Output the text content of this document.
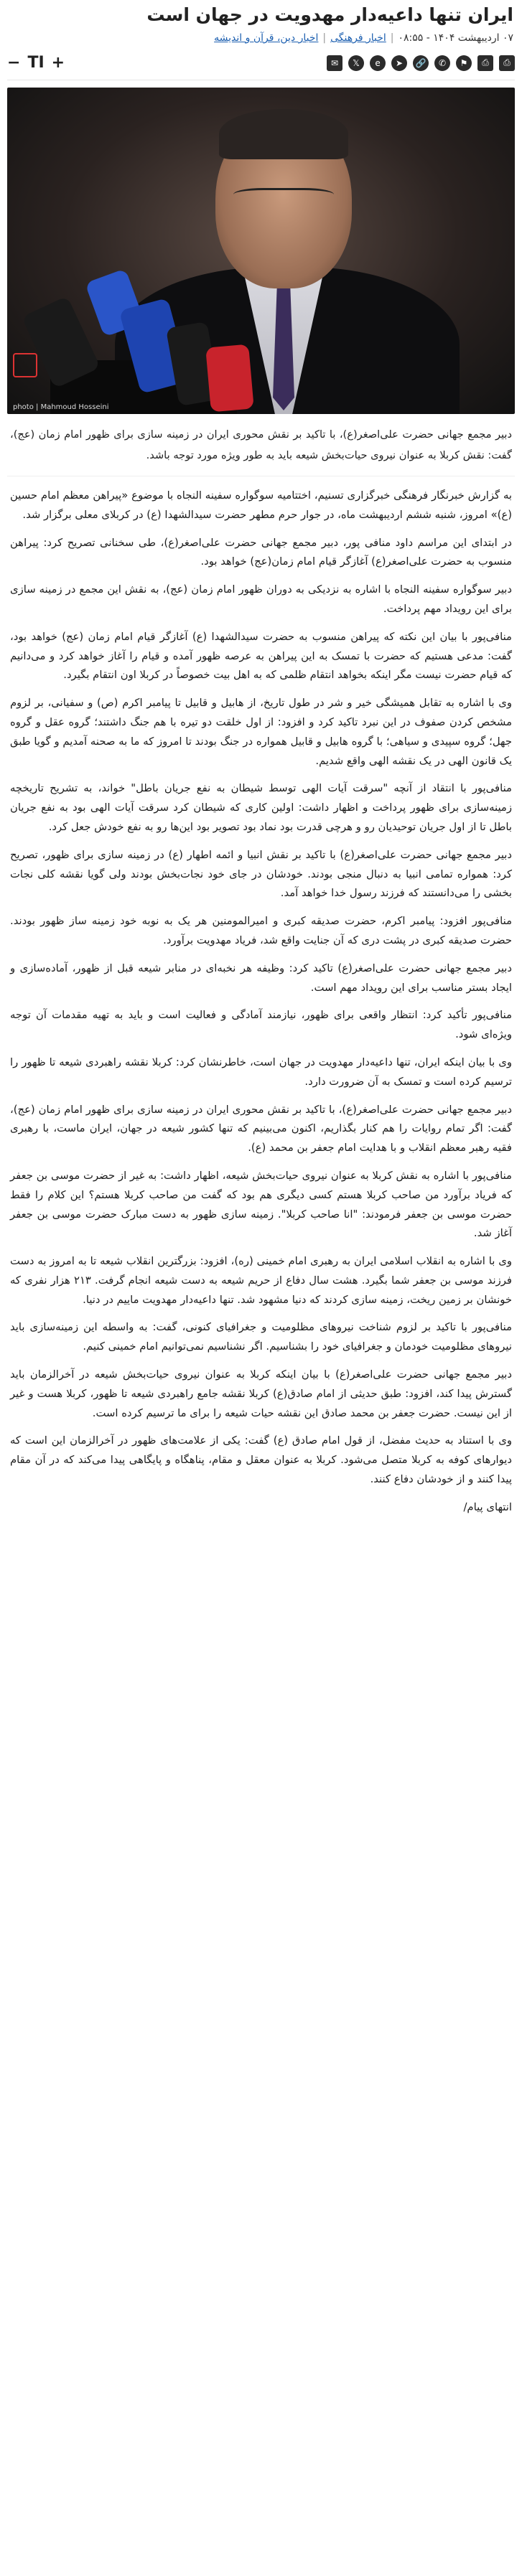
ایران تنها داعیه‌دار مهدویت در جهان است
۰۷ اردیبهشت ۱۴۰۴ - ۰۸:۵۵
|
اخبار فرهنگی
|
اخبار دین، قرآن و اندیشه
⎙
⎙
⚑
✆
🔗
➤
e
𝕏
✉
− TI +
photo | Mahmoud Hosseini
دبیر مجمع جهانی حضرت علی‌اصغر(ع)، با تاکید بر نقش محوری ایران در زمینه سازی برای ظهور امام زمان (عج)، گفت: نقش کربلا به عنوان نیروی حیات‌بخش شیعه باید به طور ویژه مورد توجه باشد.

به گزارش خبرنگار فرهنگی خبرگزاری تسنیم، اختتامیه سوگواره سفینه النجاه با موضوع «پیراهن معظم امام حسین (ع)» امروز، شنبه ششم اردیبهشت ماه، در جوار حرم مطهر حضرت سیدالشهدا (ع) در کربلای معلی برگزار شد.

در ابتدای این مراسم داود منافی پور، دبیر مجمع جهانی حضرت علی‌اصغر(ع)، طی سخنانی تصریح کرد: پیراهن منسوب به حضرت علی‌اصغر(ع) آغازگر قیام امام زمان(عج) خواهد بود.

دبیر سوگواره سفینه النجاه با اشاره به نزدیکی به دوران ظهور امام زمان (عج)، به نقش این مجمع در زمینه سازی برای این رویداد مهم پرداخت.

منافی‌پور با بیان این نکته که پیراهن منسوب به حضرت سیدالشهدا (ع) آغازگر قیام امام زمان (عج) خواهد بود، گفت: مدعی هستیم که حضرت با تمسک به این پیراهن به عرصه ظهور آمده و قیام را آغاز خواهد کرد و می‌دانیم که قیام حضرت نیست مگر اینکه بخواهد انتقام ظلمی که به اهل بیت خصوصاً در کربلا اون انتقام بگیرد.

وی با اشاره به تقابل همیشگی خیر و شر در طول تاریخ، از هابیل و قابیل تا پیامبر اکرم (ص) و سفیانی، بر لزوم مشخص کردن صفوف در این نبرد تاکید کرد و افزود: از اول خلقت دو تیره با هم جنگ داشتند؛ گروه عقل و گروه جهل؛ گروه سپیدی و سیاهی؛ با گروه هابیل و قابیل همواره در جنگ بودند تا امروز که ما به صحنه آمدیم و گویا طبق یک قانون الهی در یک نقشه الهی واقع شدیم.

منافی‌پور با انتقاد از آنچه "سرقت آیات الهی توسط شیطان به نفع جریان باطل" خواند، به تشریح تاریخچه زمینه‌سازی برای ظهور پرداخت و اظهار داشت: اولین کاری که شیطان کرد سرقت آیات الهی بود به نفع جریان باطل تا از اول جریان توحیدیان رو و هرچی قدرت بود نماد بود تصویر بود این‌ها رو به نفع خودش جعل کرد.

دبیر مجمع جهانی حضرت علی‌اصغر(ع) با تاکید بر نقش انبیا و ائمه اطهار (ع) در زمینه سازی برای ظهور، تصریح کرد: همواره تمامی انبیا به دنبال منجی بودند. خودشان در جای خود نجات‌بخش بودند ولی گویا نقشه کلی نجات بخشی را می‌دانستند که فرزند رسول خدا خواهد آمد.

منافی‌پور افزود: پیامبر اکرم، حضرت صدیقه کبری و امیرالمومنین هر یک به نوبه خود زمینه ساز ظهور بودند. حضرت صدیقه کبری در پشت دری که آن جنایت واقع شد، فریاد مهدویت برآورد.

دبیر مجمع جهانی حضرت علی‌اصغر(ع) تاکید کرد: وظیفه هر نخبه‌ای در منابر شیعه قبل از ظهور، آماده‌سازی و ایجاد بستر مناسب برای این رویداد مهم است.

منافی‌پور تأکید کرد: انتظار واقعی برای ظهور، نیازمند آمادگی و فعالیت است و باید به تهیه مقدمات آن توجه ویژه‌ای شود.

وی با بیان اینکه ایران، تنها داعیه‌دار مهدویت در جهان است، خاطرنشان کرد: کربلا نقشه راهبردی شیعه تا ظهور را ترسیم کرده است و تمسک به آن ضرورت دارد.

دبیر مجمع جهانی حضرت علی‌اصغر(ع)، با تاکید بر نقش محوری ایران در زمینه سازی برای ظهور امام زمان (عج)، گفت: اگر تمام روایات را هم کنار بگذاریم، اکنون می‌بینیم که تنها کشور شیعه در جهان، ایران ماست، با رهبری فقیه رهبر معظم انقلاب و با هدایت امام جعفر بن محمد (ع).

منافی‌پور با اشاره به نقش کربلا به عنوان نیروی حیات‌بخش شیعه، اظهار داشت: به غیر از حضرت موسی بن جعفر که فریاد برآورد من صاحب کربلا هستم کسی دیگری هم بود که گفت من صاحب کربلا هستم؟ این کلام را فقط حضرت موسی بن جعفر فرمودند: "انا صاحب کربلا". زمینه سازی ظهور به دست مبارک حضرت موسی بن جعفر آغاز شد.

وی با اشاره به انقلاب اسلامی ایران به رهبری امام خمینی (ره)، افزود: بزرگترین انقلاب شیعه تا به امروز به دست فرزند موسی بن جعفر شما بگیرد. هشت سال دفاع از حریم شیعه به دست شیعه انجام گرفت. ۲۱۳ هزار نفری که خونشان بر زمین ریخت، زمینه سازی کردند که دنیا مشهود شد. تنها داعیه‌دار مهدویت ماییم در دنیا.

منافی‌پور با تاکید بر لزوم شناخت نیروهای مظلومیت و جغرافیای کنونی، گفت: به واسطه این زمینه‌سازی باید نیروهای مظلومیت خودمان و جغرافیای خود را بشناسیم. اگر نشناسیم نمی‌توانیم امام خمینی کنیم.

دبیر مجمع جهانی حضرت علی‌اصغر(ع) با بیان اینکه کربلا به عنوان نیروی حیات‌بخش شیعه در آخرالزمان باید گسترش پیدا کند، افزود: طبق حدیثی از امام صادق(ع) کربلا نقشه جامع راهبردی شیعه تا ظهور، کربلا هست و غیر از این نیست. حضرت جعفر بن محمد صادق این نقشه حیات شیعه را برای ما ترسیم کرده است.

وی با استناد به حدیث مفضل، از قول امام صادق (ع) گفت: یکی از علامت‌های ظهور در آخرالزمان این است که دیوارهای کوفه به کربلا متصل می‌شود. کربلا به عنوان معقل و مقام، پناهگاه و پایگاهی پیدا می‌کند که در آن مقام پیدا کنند و از خودشان دفاع کنند.

انتهای پیام/
